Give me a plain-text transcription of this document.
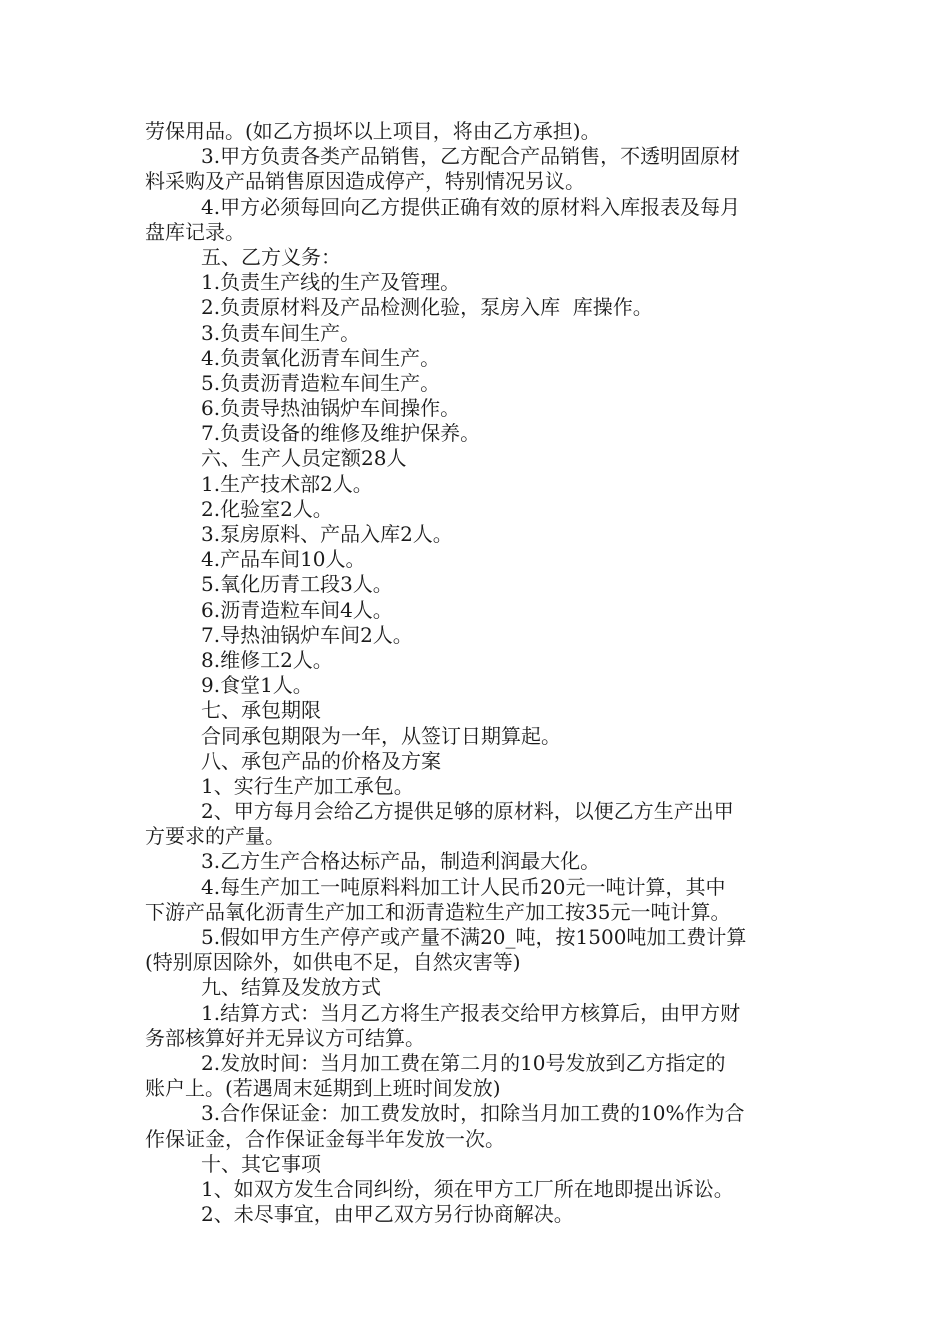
劳保用品。(如乙方损坏以上项目，将由乙方承担)。
3.甲方负责各类产品销售，乙方配合产品销售，不透明固原材
料采购及产品销售原因造成停产，特别情况另议。
4.甲方必须每回向乙方提供正确有效的原材料入库报表及每月
盘库记录。
五、乙方义务：
1.负责生产线的生产及管理。
2.负责原材料及产品检测化验，泵房入库  库操作。
3.负责车间生产。
4.负责氧化沥青车间生产。
5.负责沥青造粒车间生产。
6.负责导热油锅炉车间操作。
7.负责设备的维修及维护保养。
六、生产人员定额28人
1.生产技术部2人。
2.化验室2人。
3.泵房原料、产品入库2人。
4.产品车间10人。
5.氧化历青工段3人。
6.沥青造粒车间4人。
7.导热油锅炉车间2人。
8.维修工2人。
9.食堂1人。
七、承包期限
合同承包期限为一年，从签订日期算起。
八、承包产品的价格及方案
1、实行生产加工承包。
2、甲方每月会给乙方提供足够的原材料，以便乙方生产出甲
方要求的产量。
3.乙方生产合格达标产品，制造利润最大化。
4.每生产加工一吨原料料加工计人民币20元一吨计算，其中
下游产品氧化沥青生产加工和沥青造粒生产加工按35元一吨计算。
5.假如甲方生产停产或产量不满20_吨，按1500吨加工费计算
(特别原因除外，如供电不足，自然灾害等)
九、结算及发放方式
1.结算方式：当月乙方将生产报表交给甲方核算后，由甲方财
务部核算好并无异议方可结算。
2.发放时间：当月加工费在第二月的10号发放到乙方指定的
账户上。(若遇周末延期到上班时间发放)
3.合作保证金：加工费发放时，扣除当月加工费的10%作为合
作保证金，合作保证金每半年发放一次。
十、其它事项
1、如双方发生合同纠纷，须在甲方工厂所在地即提出诉讼。
2、未尽事宜，由甲乙双方另行协商解决。
